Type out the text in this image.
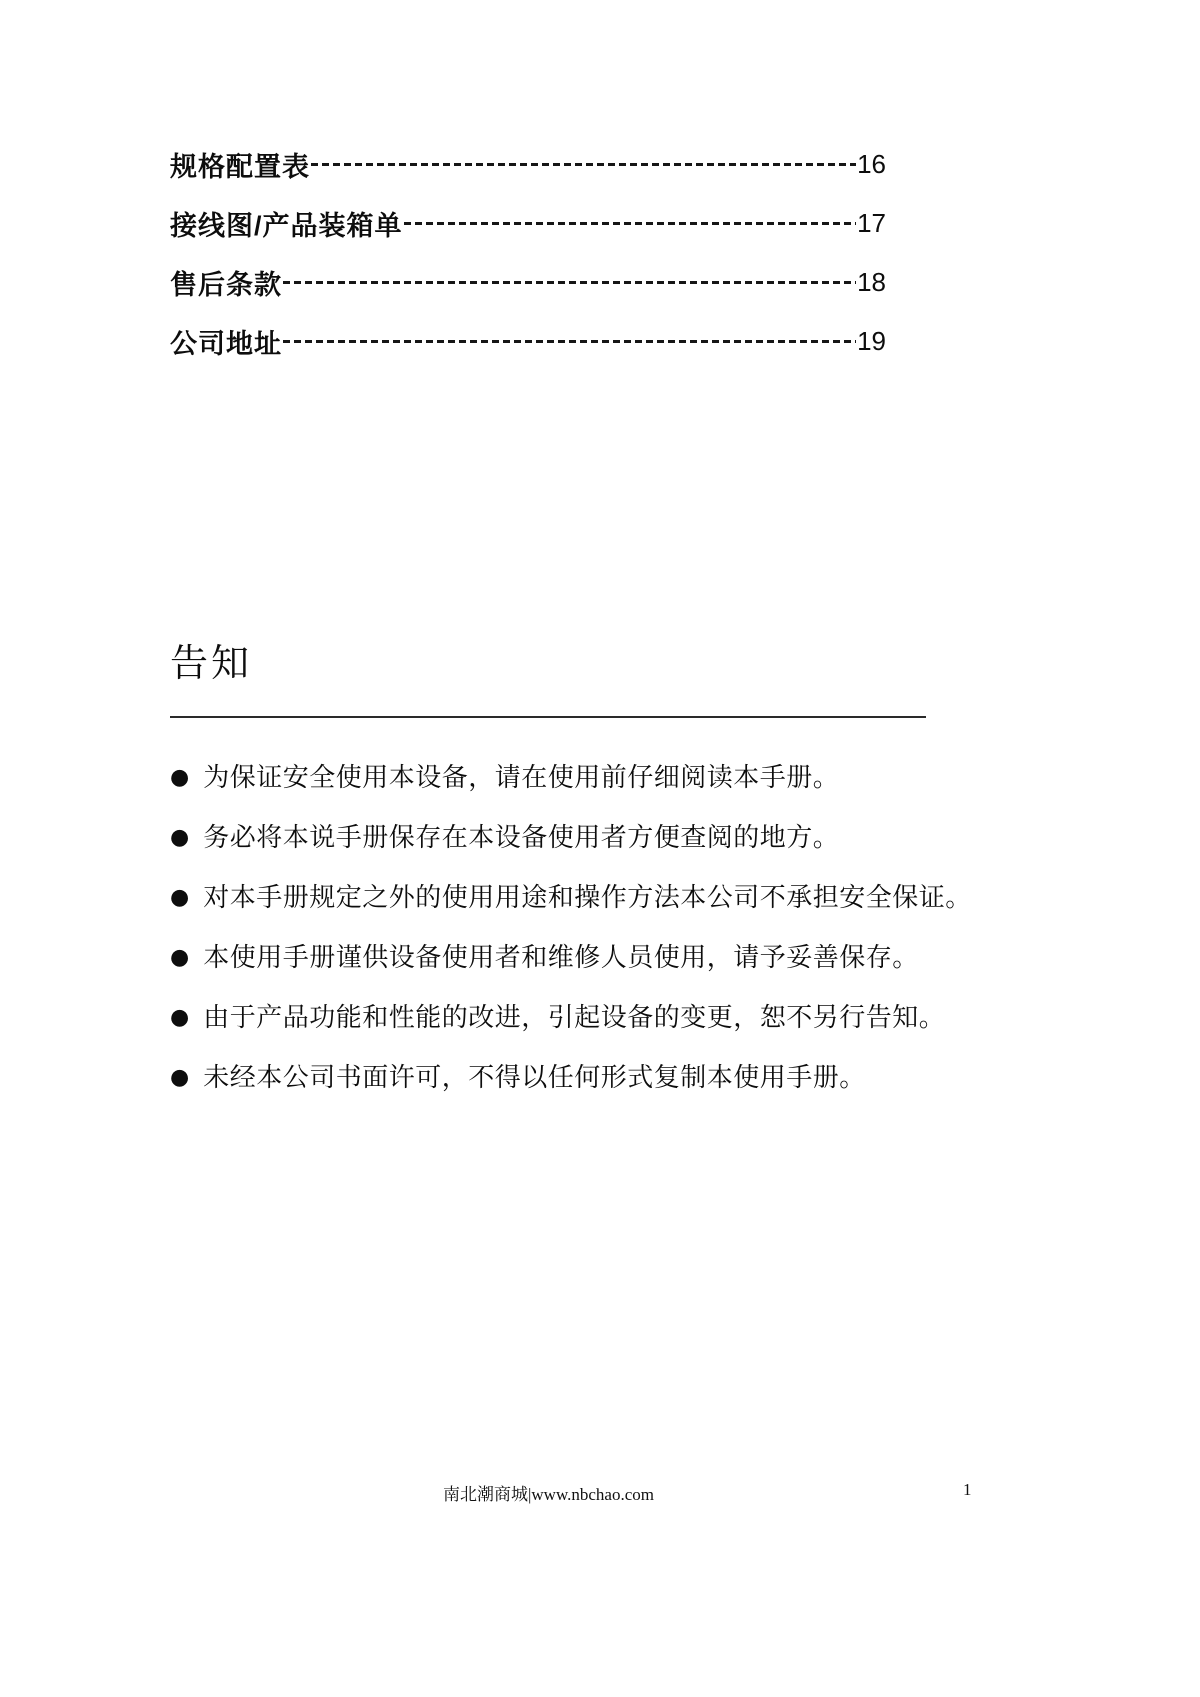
规格配置表	16
接线图/产品装箱单	17
售后条款	18
公司地址	19
告知
● 为保证安全使用本设备，请在使用前仔细阅读本手册。
● 务必将本说手册保存在本设备使用者方便查阅的地方。
● 对本手册规定之外的使用用途和操作方法本公司不承担安全保证。
● 本使用手册谨供设备使用者和维修人员使用，请予妥善保存。
● 由于产品功能和性能的改进，引起设备的变更，恕不另行告知。
● 未经本公司书面许可，不得以任何形式复制本使用手册。
南北潮商城|www.nbchao.com	1
